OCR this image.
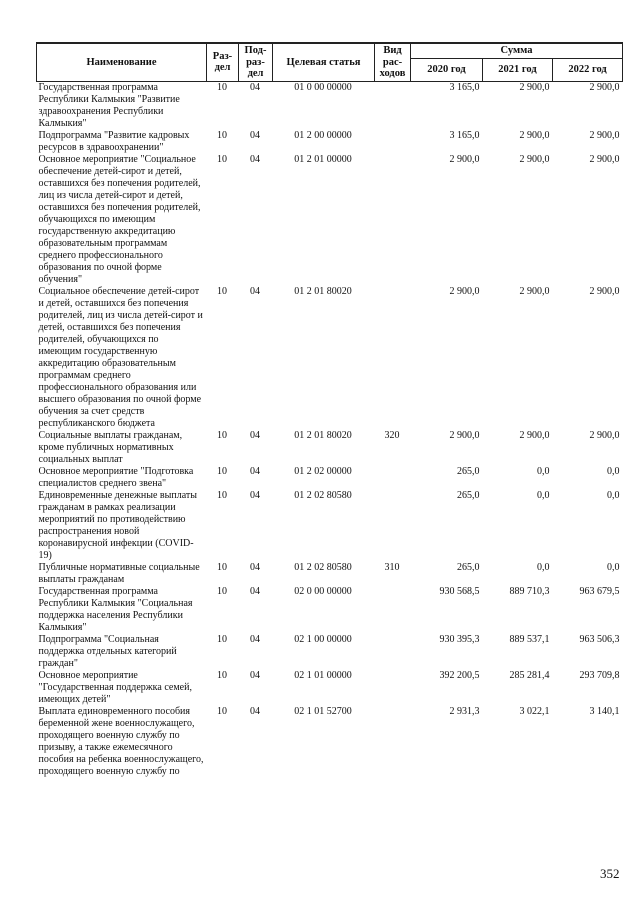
Наименование	Раз- дел	Под- раз- дел	Целевая статья	Вид рас- ходов	Сумма		
					2020 год	2021 год	2022 год
Государственная программа Республики Калмыкия "Развитие здравоохранения Республики Калмыкия"	10	04	01 0 00 00000		3 165,0	2 900,0	2 900,0
Подпрограмма "Развитие кадровых ресурсов в здравоохранении"	10	04	01 2 00 00000		3 165,0	2 900,0	2 900,0
Основное мероприятие "Социальное обеспечение детей-сирот и детей, оставшихся без попечения родителей, лиц из числа детей-сирот и детей, оставшихся без попечения родителей, обучающихся по имеющим государственную аккредитацию образовательным программам среднего профессионального образования по очной форме обучения"	10	04	01 2 01 00000		2 900,0	2 900,0	2 900,0
Социальное обеспечение детей-сирот и детей, оставшихся без попечения родителей, лиц из числа детей-сирот и детей, оставшихся без попечения родителей, обучающихся по имеющим государственную аккредитацию образовательным программам среднего профессионального образования или высшего образования по очной форме обучения за счет средств республиканского бюджета	10	04	01 2 01 80020		2 900,0	2 900,0	2 900,0
Социальные выплаты гражданам, кроме публичных нормативных социальных выплат	10	04	01 2 01 80020	320	2 900,0	2 900,0	2 900,0
Основное мероприятие "Подготовка специалистов среднего звена"	10	04	01 2 02 00000		265,0	0,0	0,0
Единовременные денежные выплаты гражданам в рамках реализации мероприятий по противодействию распространения новой коронавирусной инфекции (COVID-19)	10	04	01 2 02 80580		265,0	0,0	0,0
Публичные нормативные социальные выплаты гражданам	10	04	01 2 02 80580	310	265,0	0,0	0,0
Государственная программа Республики Калмыкия "Социальная поддержка населения Республики Калмыкия"	10	04	02 0 00 00000		930 568,5	889 710,3	963 679,5
Подпрограмма "Социальная поддержка отдельных категорий граждан"	10	04	02 1 00 00000		930 395,3	889 537,1	963 506,3
Основное мероприятие "Государственная поддержка семей, имеющих детей"	10	04	02 1 01 00000		392 200,5	285 281,4	293 709,8
Выплата единовременного пособия беременной жене военнослужащего, проходящего военную службу по призыву, а также ежемесячного пособия на ребенка военнослужащего, проходящего военную службу по	10	04	02 1 01 52700		2 931,3	3 022,1	3 140,1
352
